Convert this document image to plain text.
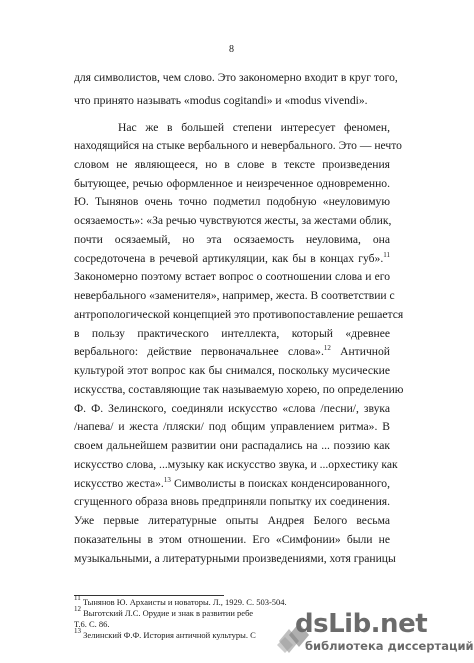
8
для символистов, чем слово. Это закономерно входит в круг того,
что принято называть «modus cogitandi» и «modus vivendi».
Нас же в большей степени интересует феномен,
находящийся на стыке вербального и невербального. Это — нечто
словом не являющееся, но в слове в тексте произведения
бытующее, речью оформленное и неизреченное одновременно.
Ю. Тынянов очень точно подметил подобную «неуловимую
осязаемость»: «За речью чувствуются жесты, за жестами облик,
почти осязаемый, но эта осязаемость неуловима, она
сосредоточена в речевой артикуляции, как бы в концах губ».$^{11}$
Закономерно поэтому встает вопрос о соотношении слова и его
невербального «заменителя», например, жеста. В соответствии с
антропологической концепцией это противопоставление решается
в пользу практического интеллекта, который «древнее
вербального: действие первоначальнее слова».$^{12}$ Античной
культурой этот вопрос как бы снимался, поскольку мусические
искусства, составляющие так называемую хорею, по определению
Ф. Ф. Зелинского, соединяли искусство «слова /песни/, звука
/напева/ и жеста /пляски/ под общим управлением ритма». В
своем дальнейшем развитии они распадались на ... поэзию как
искусство слова, ...музыку как искусство звука, и ...орхестику как
искусство жеста».$^{13}$ Символисты в поисках конденсированного,
сгущенного образа вновь предприняли попытку их соединения.
Уже первые литературные опыты Андрея Белого весьма
показательны в этом отношении. Его «Симфонии» были не
музыкальными, а литературными произведениями, хотя границы
$^{11}$ Тынянов Ю. Архаисты и новаторы. Л., 1929. С. 503-504.
$^{12}$ Выготский Л.С. Орудие и знак в развитии ребе
Т.6. С. 86.
$^{13}$ Зелинский Ф.Ф. История античной культуры. С dsLib.net
библиотека диссертаций
